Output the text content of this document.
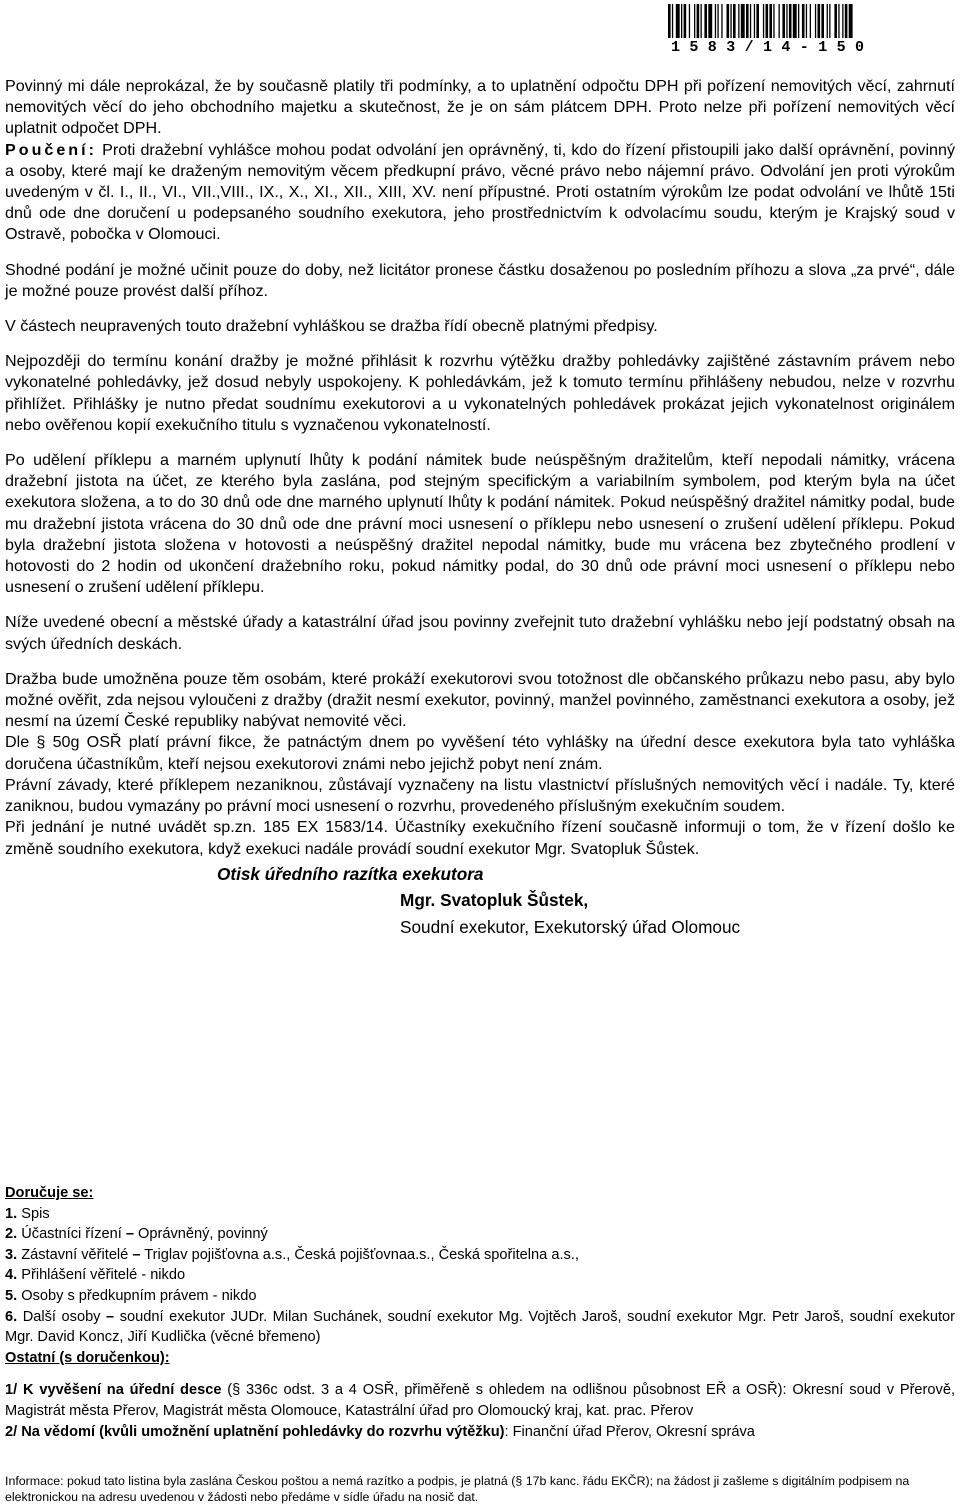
1583/14-150

Povinný mi dále neprokázal, že by současně platily tři podmínky, a to uplatnění odpočtu DPH při pořízení nemovitých věcí, zahrnutí nemovitých věcí do jeho obchodního majetku a skutečnost, že je on sám plátcem DPH. Proto nelze při pořízení nemovitých věcí uplatnit odpočet DPH.

Poučení: Proti dražební vyhlášce mohou podat odvolání jen oprávněný, ti, kdo do řízení přistoupili jako další oprávnění, povinný a osoby, které mají ke draženým nemovitým věcem předkupní právo, věcné právo nebo nájemní právo. Odvolání jen proti výrokům uvedeným v čl. I., II., VI., VII.,VIII., IX., X., XI., XII., XIII, XV. není přípustné. Proti ostatním výrokům lze podat odvolání ve lhůtě 15ti dnů ode dne doručení u podepsaného soudního exekutora, jeho prostřednictvím k odvolacímu soudu, kterým je Krajský soud v Ostravě, pobočka v Olomouci.

Shodné podání je možné učinit pouze do doby, než licitátor pronese částku dosaženou po posledním příhozu a slova „za prvé“, dále je možné pouze provést další příhoz.

V částech neupravených touto dražební vyhláškou se dražba řídí obecně platnými předpisy.

Nejpozději do termínu konání dražby je možné přihlásit k rozvrhu výtěžku dražby pohledávky zajištěné zástavním právem nebo vykonatelné pohledávky, jež dosud nebyly uspokojeny. K pohledávkám, jež k tomuto termínu přihlášeny nebudou, nelze v rozvrhu přihlížet. Přihlášky je nutno předat soudnímu exekutorovi a u vykonatelných pohledávek prokázat jejich vykonatelnost originálem nebo ověřenou kopií exekučního titulu s vyznačenou vykonatelností.

Po udělení příklepu a marném uplynutí lhůty k podání námitek bude neúspěšným dražitelům, kteří nepodali námitky, vrácena dražební jistota na účet, ze kterého byla zaslána, pod stejným specifickým a variabilním symbolem, pod kterým byla na účet exekutora složena, a to do 30 dnů ode dne marného uplynutí lhůty k podání námitek. Pokud neúspěšný dražitel námitky podal, bude mu dražební jistota vrácena do 30 dnů ode dne právní moci usnesení o příklepu nebo usnesení o zrušení udělení příklepu. Pokud byla dražební jistota složena v hotovosti a neúspěšný dražitel nepodal námitky, bude mu vrácena bez zbytečného prodlení v hotovosti do 2 hodin od ukončení dražebního roku, pokud námitky podal, do 30 dnů ode právní moci usnesení o příklepu nebo usnesení o zrušení udělení příklepu.

Níže uvedené obecní a městské úřady a katastrální úřad jsou povinny zveřejnit tuto dražební vyhlášku nebo její podstatný obsah na svých úředních deskách.

Dražba bude umožněna pouze těm osobám, které prokáží exekutorovi svou totožnost dle občanského průkazu nebo pasu, aby bylo možné ověřit, zda nejsou vyloučeni z dražby (dražit nesmí exekutor, povinný, manžel povinného, zaměstnanci exekutora a osoby, jež nesmí na území České republiky nabývat nemovité věci.

Dle § 50g OSŘ platí právní fikce, že patnáctým dnem po vyvěšení této vyhlášky na úřední desce exekutora byla tato vyhláška doručena účastníkům, kteří nejsou exekutorovi známi nebo jejichž pobyt není znám.

Právní závady, které příklepem nezaniknou, zůstávají vyznačeny na listu vlastnictví příslušných nemovitých věcí i nadále. Ty, které zaniknou, budou vymazány po právní moci usnesení o rozvrhu, provedeného příslušným exekučním soudem.

Při jednání je nutné uvádět sp.zn. 185 EX 1583/14. Účastníky exekučního řízení současně informuji o tom, že v řízení došlo ke změně soudního exekutora, když exekuci nadále provádí soudní exekutor Mgr. Svatopluk Šůstek.

Otisk úředního razítka exekutora

Mgr. Svatopluk Šůstek,

Soudní exekutor, Exekutorský úřad Olomouc

Doručuje se:

1. Spis

2. Účastníci řízení – Oprávněný, povinný

3. Zástavní věřitelé – Triglav pojišťovna a.s., Česká pojišťovnaa.s., Česká spořitelna a.s.,

4. Přihlášení věřitelé - nikdo

5. Osoby s předkupním právem - nikdo

6. Další osoby – soudní exekutor JUDr. Milan Suchánek, soudní exekutor Mg. Vojtěch Jaroš, soudní exekutor Mgr. Petr Jaroš, soudní exekutor Mgr. David Koncz, Jiří Kudlička (věcné břemeno)

Ostatní (s doručenkou):

1/ K vyvěšení na úřední desce (§ 336c odst. 3 a 4 OSŘ, přiměřeně s ohledem na odlišnou působnost EŘ a OSŘ): Okresní soud v Přerově, Magistrát města Přerov, Magistrát města Olomouce, Katastrální úřad pro Olomoucký kraj, kat. prac. Přerov

2/ Na vědomí (kvůli umožnění uplatnění pohledávky do rozvrhu výtěžku): Finanční úřad Přerov, Okresní správa

Informace: pokud tato listina byla zaslána Českou poštou a nemá razítko a podpis, je platná (§ 17b kanc. řádu EKČR); na žádost ji zašleme s digitálním podpisem na elektronickou na adresu uvedenou v žádosti nebo předáme v sídle úřadu na nosič dat.
